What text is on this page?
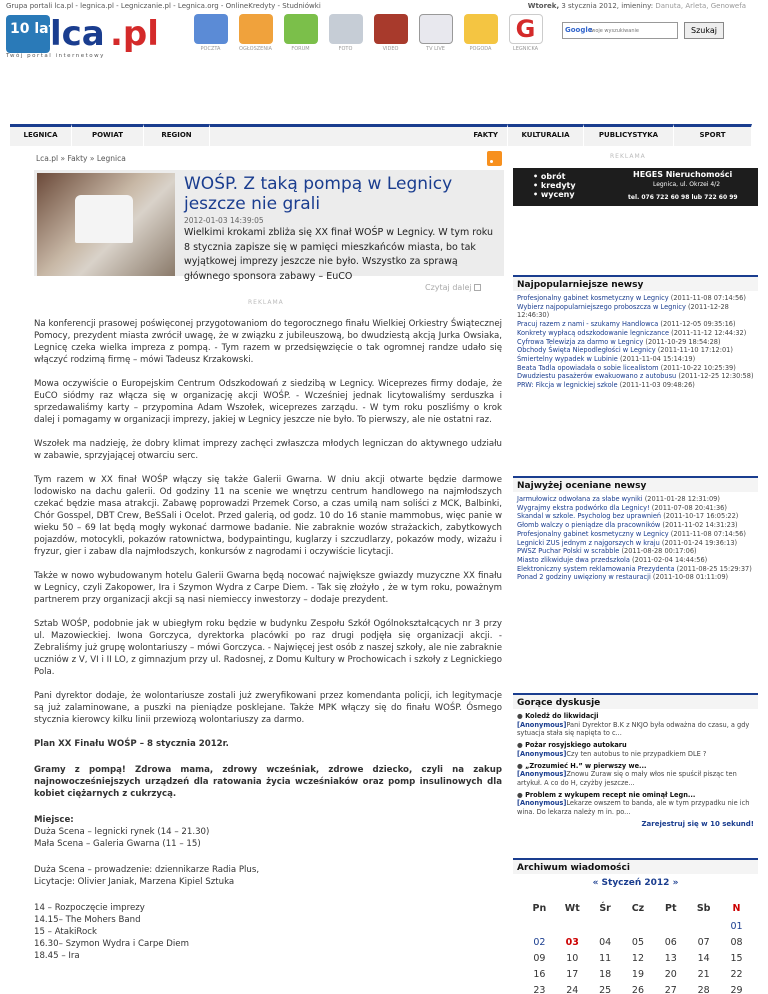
Grupa portali lca.pl - legnica.pl - Legniczanie.pl - Legnica.org - OnlineKredyty - Studniówki	Wtorek, 3 stycznia 2012, imieniny: Danuta, Arleta, Genowefa
10 lat
lca .pl
Twój portal internetowy
POCZTA	OGŁOSZENIA	FORUM	FOTO	VIDEO	TV LIVE	POGODA
G
LEGNICKA
Twoje wyszukiwanie
Google	Szukaj
LEGNICA	POWIAT	REGION	FAKTY	KULTURALIA	PUBLICYSTYKA	SPORT
Lca.pl » Fakty » Legnica	REKLAMA
WOŚP. Z taką pompą w Legnicy jeszcze nie grali
2012-01-03 14:39:05
Wielkimi krokami zbliża się XX finał WOŚP w Legnicy. W tym roku 8 stycznia zapisze się w pamięci mieszkańców miasta, bo tak wyjątkowej imprezy jeszcze nie było. Wszystko za sprawą głównego sponsora zabawy – EuCO
Czytaj dalej
REKLAMA

Na konferencji prasowej poświęconej przygotowaniom do tegorocznego finału Wielkiej Orkiestry Świątecznej Pomocy, prezydent miasta zwrócił uwagę, że w związku z jubileuszową, bo dwudziestą akcją Jurka Owsiaka, Legnicę czeka wielka impreza z pompą. - Tym razem w przedsięwzięcie o tak ogromnej randze udało się włączyć rodzimą firmę – mówi Tadeusz Krzakowski.

Mowa oczywiście o Europejskim Centrum Odszkodowań z siedzibą w Legnicy. Wiceprezes firmy dodaje, że EuCO siódmy raz włącza się w organizację akcji WOŚP. - Wcześniej jednak licytowaliśmy serduszka i sprzedawaliśmy karty – przypomina Adam Wszołek, wiceprezes zarządu. - W tym roku poszliśmy o krok dalej i pomagamy w organizacji imprezy, jakiej w Legnicy jeszcze nie było. To pierwszy, ale nie ostatni raz.

Wszołek ma nadzieję, że dobry klimat imprezy zachęci zwłaszcza młodych legniczan do aktywnego udziału w zabawie, sprzyjającej otwarciu serc.

Tym razem w XX finał WOŚP włączy się także Galerii Gwarna. W dniu akcji otwarte będzie darmowe lodowisko na dachu galerii. Od godziny 11 na scenie we wnętrzu centrum handlowego na najmłodszych czekać będzie masa atrakcji. Zabawę poprowadzi Przemek Corso, a czas umilą nam soliści z MCK, Balbinki, Chór Gosspel, DBT Crew, BeSSali i Ocelot. Przed galerią, od godz. 10 do 16 stanie mammobus, więc panie w wieku 50 – 69 lat będą mogły wykonać darmowe badanie. Nie zabraknie wozów strażackich, zabytkowych pojazdów, motocykli, pokazów ratownictwa, bodypaintingu, kuglarzy i szczudlarzy, pokazów mody, wizażu i fryzur, gier i zabaw dla najmłodszych, konkursów z nagrodami i oczywiście licytacji.

Także w nowo wybudowanym hotelu Galerii Gwarna będą nocować największe gwiazdy muzyczne XX finału w Legnicy, czyli Zakopower, Ira i Szymon Wydra z Carpe Diem. - Tak się złożyło , że w tym roku, poważnym partnerem przy organizacji akcji są nasi niemieccy inwestorzy – dodaje prezydent.

Sztab WOŚP, podobnie jak w ubiegłym roku będzie w budynku Zespołu Szkół Ogólnokształcących nr 3 przy ul. Mazowieckiej. Iwona Gorczyca, dyrektorka placówki po raz drugi podjęła się organizacji akcji. - Zebraliśmy już grupę wolontariuszy – mówi Gorczyca. - Najwięcej jest osób z naszej szkoły, ale nie zabraknie uczniów z V, VI i II LO, z gimnazjum przy ul. Radosnej, z Domu Kultury w Prochowicach i szkoły z Legnickiego Pola.

Pani dyrektor dodaje, że wolontariusze zostali już zweryfikowani przez komendanta policji, ich legitymacje są już zalaminowane, a puszki na pieniądze posklejane. Także MPK włączy się do finału WOŚP. Ósmego stycznia kierowcy kilku linii przewiozą wolontariuszy za darmo.

Plan XX Finału WOŚP – 8 stycznia 2012r.

Gramy z pompą! Zdrowa mama, zdrowy wcześniak, zdrowe dziecko, czyli na zakup najnowocześniejszych urządzeń dla ratowania życia wcześniaków oraz pomp insulinowych dla kobiet ciężarnych z cukrzycą.

Miejsce:
Duża Scena – legnicki rynek (14 – 21.30)
Mała Scena – Galeria Gwarna (11 – 15)
Duża Scena – prowadzenie: dziennikarze Radia Plus,
Licytacje: Olivier Janiak, Marzena Kipiel Sztuka
14 – Rozpoczęcie imprezy
14.15– The Mohers Band
15 – AtakiRock
16.30– Szymon Wydra i Carpe Diem
18.45 – Ira
• obrót
• kredyty
• wyceny
HEGES Nieruchomości
Legnica, ul. Okrzei 4/2
tel. 076 722 60 98 lub 722 60 99
Najpopularniejsze newsy
Profesjonalny gabinet kosmetyczny w Legnicy (2011-11-08 07:14:56)
Wybierz najpopularniejszego proboszcza w Legnicy (2011-12-28 12:46:30)
Pracuj razem z nami - szukamy Handlowca (2011-12-05 09:35:16)
Konkrety wypłacą odszkodowanie legniczance (2011-11-12 12:44:32)
Cyfrowa Telewizja za darmo w Legnicy (2011-10-29 18:54:28)
Obchody Święta Niepodległości w Legnicy (2011-11-10 17:12:01)
Śmiertelny wypadek w Lubinie (2011-11-04 15:14:19)
Beata Tadla opowiadała o sobie licealistom (2011-10-22 10:25:39)
Dwudziestu pasażerów ewakuowano z autobusu (2011-12-25 12:30:58)
PRW: Fikcja w legnickiej szkole (2011-11-03 09:48:26)
Najwyżej oceniane newsy
Jarmułowicz odwołana za słabe wyniki (2011-01-28 12:31:09)
Wygrajmy ekstra podwórko dla Legnicy! (2011-07-08 20:41:36)
Skandal w szkole. Psycholog bez uprawnień (2011-10-17 16:05:22)
Głomb walczy o pieniądze dla pracowników (2011-11-02 14:31:23)
Profesjonalny gabinet kosmetyczny w Legnicy (2011-11-08 07:14:56)
Legnicki ZUS jednym z najgorszych w kraju (2011-01-24 19:36:13)
PWSZ Puchar Polski w scrabble (2011-08-28 00:17:06)
Miasto zlikwiduje dwa przedszkola (2011-02-04 14:44:56)
Elektroniczny system reklamowania Prezydenta (2011-08-25 15:29:37)
Ponad 2 godziny uwięziony w restauracji (2011-10-08 01:11:09)
Gorące dyskusje
● Koledż do likwidacji
[Anonymous]Pani Dyrektor B.K z NKJO była odważna do czasu, a gdy sytuacja stała się napięta to c...
● Pożar rosyjskiego autokaru
[Anonymous]Czy ten autobus to nie przypadkiem DLE ?
● „Zrozumieć H.” w pierwszy we...
[Anonymous]Znowu Żuraw się o mały włos nie spuścił pisząc ten artykuł. A co do H, czyżby jeszcze...
● Problem z wykupem recept nie ominął Legn...
[Anonymous]Lekarze owszem to banda, ale w tym przypadku nie ich wina. Do lekarza należy m in. po...
Zarejestruj się w 10 sekund!
Archiwum wiadomości
« Styczeń 2012 »
Pn	Wt	Śr	Cz	Pt	Sb	N
						01
02	03	04	05	06	07	08
09	10	11	12	13	14	15
16	17	18	19	20	21	22
23	24	25	26	27	28	29
